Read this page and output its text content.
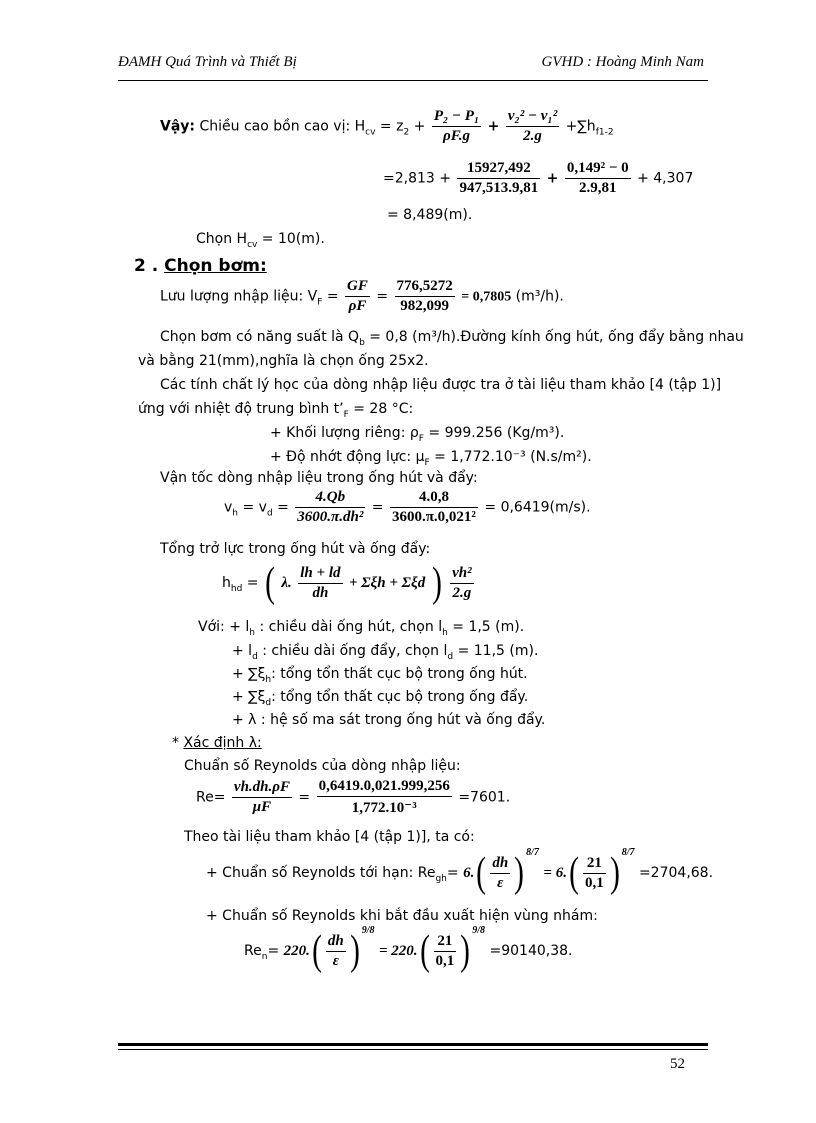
ĐAMH Quá Trình và Thiết Bị	GVHD : Hoàng Minh Nam
Vậy: Chiều cao bồn cao vị: $H_{cv} = z_2 + \frac{\text{P₂ − P₁}}{\rho F.g} + \frac{\text{v₂² − v₁²}}{2.g} +\sum h_{f1-2}$
$=2,813 + \frac{15927,492}{947,513.9,81} + \frac{\text{0,149² − 0}}{2.9,81} + 4,307$
= 8,489(m).
Chọn $H_{cv} = 10(m)$.
2 . Chọn bơm:
Lưu lượng nhập liệu: $V_F = \frac{GF}{\rho F} = \frac{776,5272}{982,099} = 0,7805$ (m³/h).
Chọn bơm có năng suất là $Q_b = 0,8$ (m³/h).Đường kính ống hút, ống đẩy bằng nhau
và bằng 21(mm),nghĩa là chọn ống 25x2.
Các tính chất lý học của dòng nhập liệu được tra ở tài liệu tham khảo [4 (tập 1)]
ứng với nhiệt độ trung bình $t’_F = 28$ °C:
+ Khối lượng riêng: $\rho_F = 999.256$ (Kg/m³).
+ Độ nhớt động lực: $\mu_F = 1,772.10^{-3}$ (N.s/m²).
Vận tốc dòng nhập liệu trong ống hút và đẩy:
$v_h = v_d = \frac{4.Qb}{\text{3600.π.dh²}} = \frac{4.0,8}{\text{3600.π.0,021²}} = 0,6419(m/s)$.
Tổng trở lực trong ống hút và ống đẩy:
$h_{hd}$ = ( λ. $\frac{lh + ld}{dh} + \Sigma\xi h + \Sigma\xi d$ ) $\frac{\text{vh²}}{2.g}$
Với: + $l_h$ : chiều dài ống hút, chọn $l_h = 1,5$ (m).
+ $l_d$ : chiều dài ống đẩy, chọn $l_d = 11,5$ (m).
+ $\sum\xi_h$: tổng tổn thất cục bộ trong ống hút.
+ $\sum\xi_d$: tổng tổn thất cục bộ trong ống đẩy.
+ λ : hệ số ma sát trong ống hút và ống đẩy.
* Xác định λ:
Chuẩn số Reynolds của dòng nhập liệu:
$Re= \frac{vh.dh.\rho F}{\mu F} = \frac{0,6419.0,021.999,256}{\text{1,772.10⁻³}} =7601$.
Theo tài liệu tham khảo [4 (tập 1)], ta có:
+ Chuẩn số Reynolds tới hạn: $Re_{gh}= 6.( \frac{dh}{\varepsilon}$ ) $^{8/7} = 6.( \frac{21}{0,1}$ ) $^{8/7}$ =2704,68.
+ Chuẩn số Reynolds khi bắt đầu xuất hiện vùng nhám:
$Re_n= 220.( \frac{dh}{\varepsilon}$ ) $^{9/8} = 220.( \frac{21}{0,1}$ ) $^{9/8}$ =90140,38.
52
